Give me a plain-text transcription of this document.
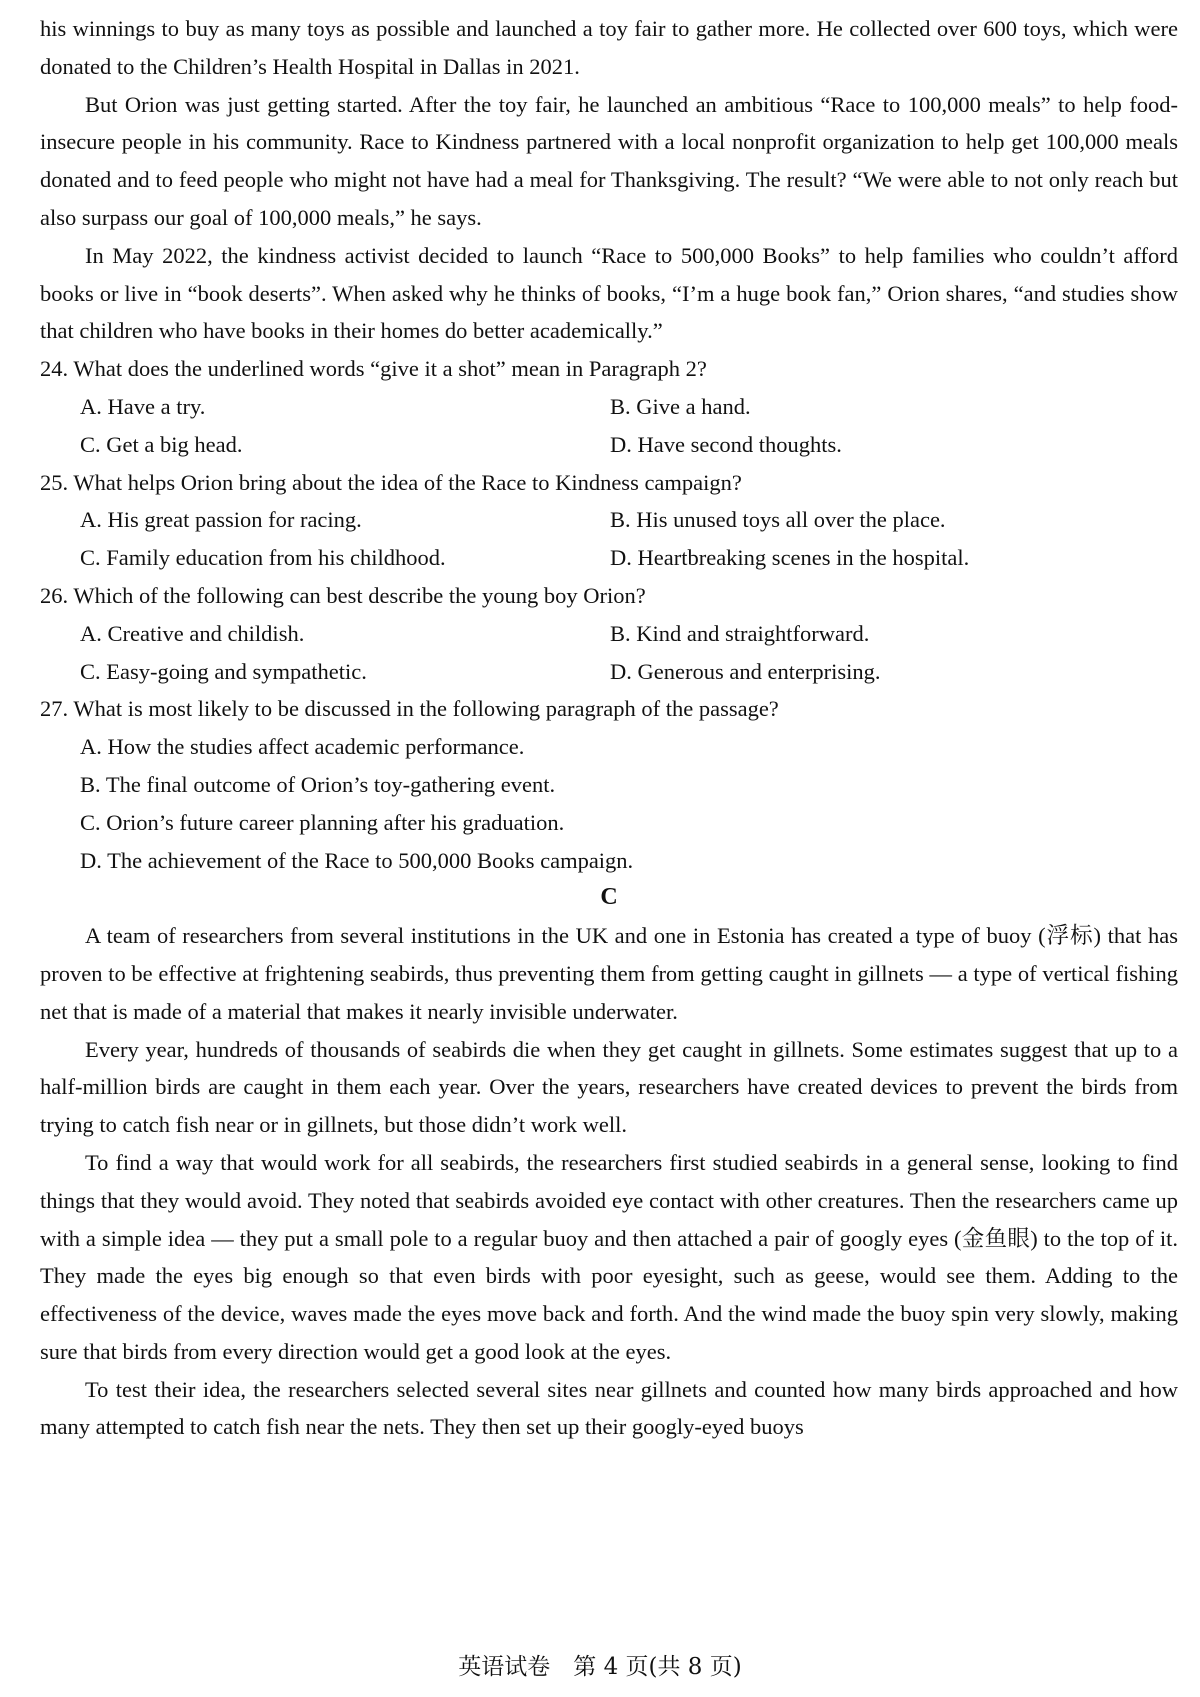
his winnings to buy as many toys as possible and launched a toy fair to gather more. He collected over 600 toys, which were donated to the Children’s Health Hospital in Dallas in 2021.

But Orion was just getting started. After the toy fair, he launched an ambitious “Race to 100,000 meals” to help food-insecure people in his community. Race to Kindness partnered with a local nonprofit organization to help get 100,000 meals donated and to feed people who might not have had a meal for Thanksgiving. The result? “We were able to not only reach but also surpass our goal of 100,000 meals,” he says.

In May 2022, the kindness activist decided to launch “Race to 500,000 Books” to help families who couldn’t afford books or live in “book deserts”. When asked why he thinks of books, “I’m a huge book fan,” Orion shares, “and studies show that children who have books in their homes do better academically.”

24. What does the underlined words “give it a shot” mean in Paragraph 2?
A. Have a try.	B. Give a hand.
C. Get a big head.	D. Have second thoughts.
25. What helps Orion bring about the idea of the Race to Kindness campaign?
A. His great passion for racing.	B. His unused toys all over the place.
C. Family education from his childhood.	D. Heartbreaking scenes in the hospital.
26. Which of the following can best describe the young boy Orion?
A. Creative and childish.	B. Kind and straightforward.
C. Easy-going and sympathetic.	D. Generous and enterprising.
27. What is most likely to be discussed in the following paragraph of the passage?
A. How the studies affect academic performance.
B. The final outcome of Orion’s toy-gathering event.
C. Orion’s future career planning after his graduation.
D. The achievement of the Race to 500,000 Books campaign.
C

A team of researchers from several institutions in the UK and one in Estonia has created a type of buoy (浮标) that has proven to be effective at frightening seabirds, thus preventing them from getting caught in gillnets — a type of vertical fishing net that is made of a material that makes it nearly invisible underwater.

Every year, hundreds of thousands of seabirds die when they get caught in gillnets. Some estimates suggest that up to a half-million birds are caught in them each year. Over the years, researchers have created devices to prevent the birds from trying to catch fish near or in gillnets, but those didn’t work well.

To find a way that would work for all seabirds, the researchers first studied seabirds in a general sense, looking to find things that they would avoid. They noted that seabirds avoided eye contact with other creatures. Then the researchers came up with a simple idea — they put a small pole to a regular buoy and then attached a pair of googly eyes (金鱼眼) to the top of it. They made the eyes big enough so that even birds with poor eyesight, such as geese, would see them. Adding to the effectiveness of the device, waves made the eyes move back and forth. And the wind made the buoy spin very slowly, making sure that birds from every direction would get a good look at the eyes.

To test their idea, the researchers selected several sites near gillnets and counted how many birds approached and how many attempted to catch fish near the nets. They then set up their googly-eyed buoys

英语试卷　第 4 页(共 8 页)
